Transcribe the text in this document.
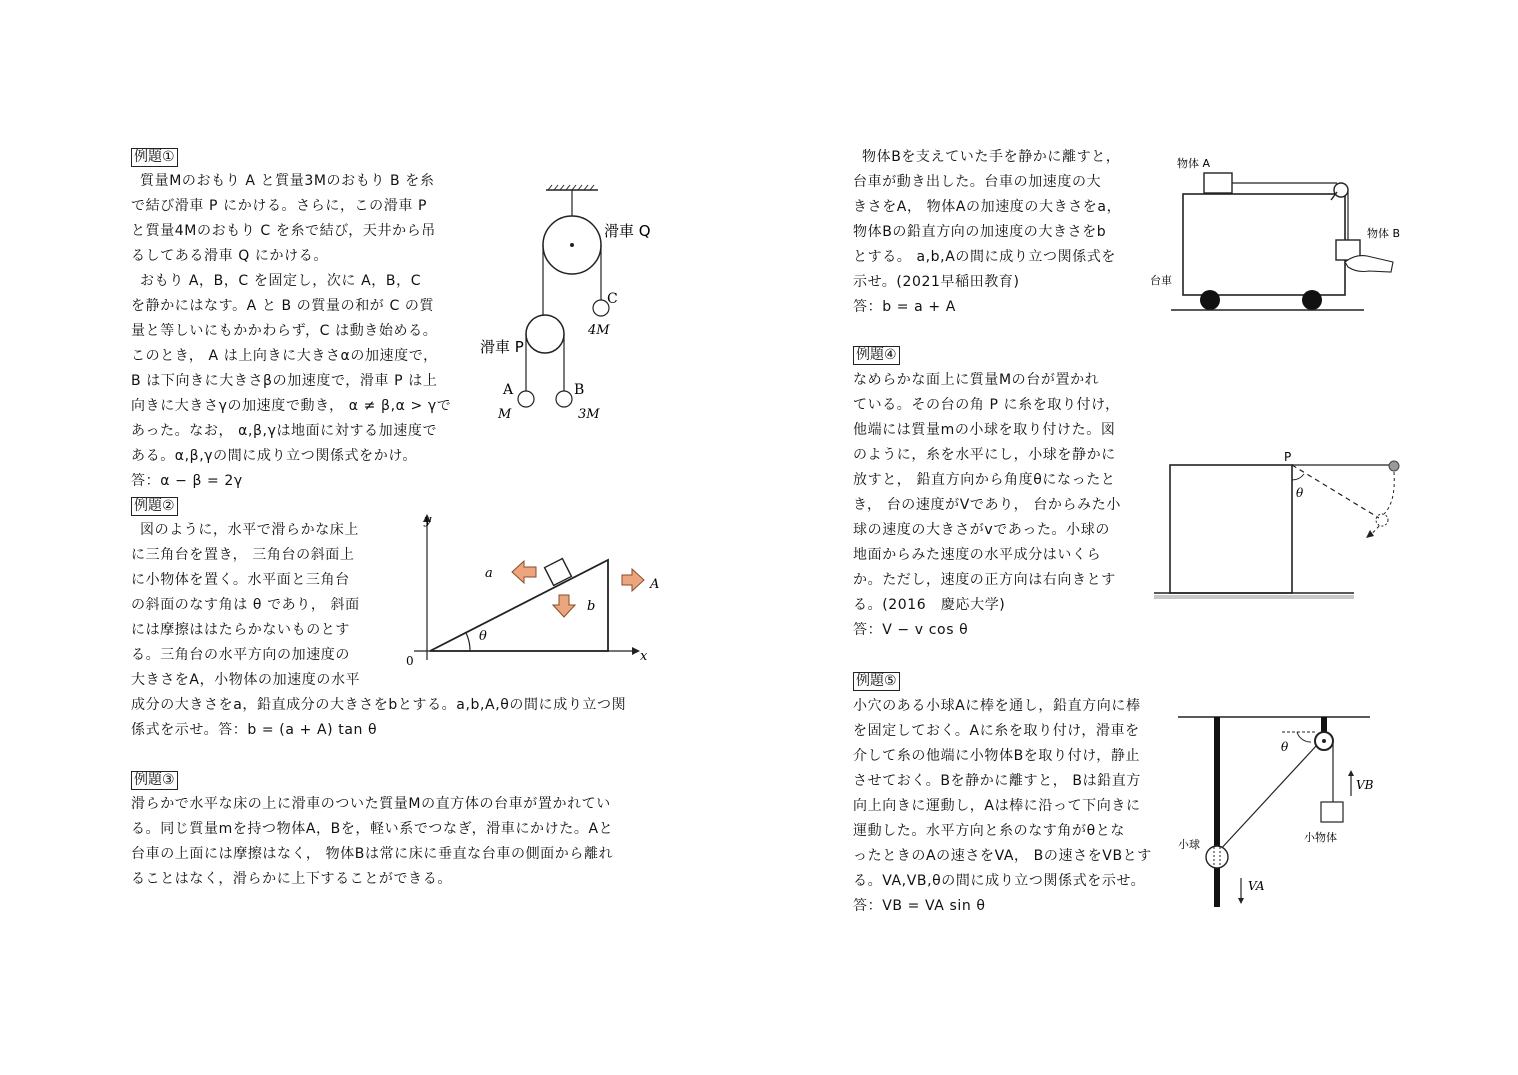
例題①
質量Mのおもり A と質量3Mのおもり B を糸
で結び滑車 P にかける。さらに，この滑車 P
と質量4Mのおもり C を糸で結び，天井から吊
るしてある滑車 Q にかける。
おもり A，B，C を固定し，次に A，B，C
を静かにはなす。A と B の質量の和が C の質
量と等しいにもかかわらず，C は動き始める。
このとき， A は上向きに大きさαの加速度で，
B は下向きに大きさβの加速度で，滑車 P は上
向きに大きさγの加速度で動き， α ≠ β,α > γで
あった。なお， α,β,γは地面に対する加速度で
ある。α,β,γの間に成り立つ関係式をかけ。
答：α − β = 2γ
滑車 Q
滑車 P
C
4M
A
M
B
3M
例題②
図のように，水平で滑らかな床上
に三角台を置き， 三角台の斜面上
に小物体を置く。水平面と三角台
の斜面のなす角は θ であり， 斜面
には摩擦ははたらかないものとす
る。三角台の水平方向の加速度の
大きさをA，小物体の加速度の水平
成分の大きさをa，鉛直成分の大きさをbとする。a,b,A,θの間に成り立つ関
係式を示せ。答：b = (a + A) tan θ
y
x
0
a
b
A
θ
例題③
滑らかで水平な床の上に滑車のついた質量Mの直方体の台車が置かれてい
る。同じ質量mを持つ物体A，Bを，軽い系でつなぎ，滑車にかけた。Aと
台車の上面には摩擦はなく， 物体Bは常に床に垂直な台車の側面から離れ
ることはなく，滑らかに上下することができる。
物体Bを支えていた手を静かに離すと，
台車が動き出した。台車の加速度の大
きさをA， 物体Aの加速度の大きさをa，
物体Bの鉛直方向の加速度の大きさをb
とする。 a,b,Aの間に成り立つ関係式を
示せ。(2021早稲田教育)
答：b = a + A
物体 A
物体 B
台車
例題④
なめらかな面上に質量Mの台が置かれ
ている。その台の角 P に糸を取り付け，
他端には質量mの小球を取り付けた。図
のように，糸を水平にし，小球を静かに
放すと， 鉛直方向から角度θになったと
き， 台の速度がVであり， 台からみた小
球の速度の大きさがvであった。小球の
地面からみた速度の水平成分はいくら
か。ただし，速度の正方向は右向きとす
る。(2016　慶応大学)
答：V − v cos θ
P
θ
例題⑤
小穴のある小球Aに棒を通し，鉛直方向に棒
を固定しておく。Aに糸を取り付け，滑車を
介して糸の他端に小物体Bを取り付け，静止
させておく。Bを静かに離すと， Bは鉛直方
向上向きに運動し，Aは棒に沿って下向きに
運動した。水平方向と糸のなす角がθとな
ったときのAの速さをVA， Bの速さをVBとす
る。VA,VB,θの間に成り立つ関係式を示せ。
答：VB = VA sin θ
θ
VB
小物体
小球
VA
